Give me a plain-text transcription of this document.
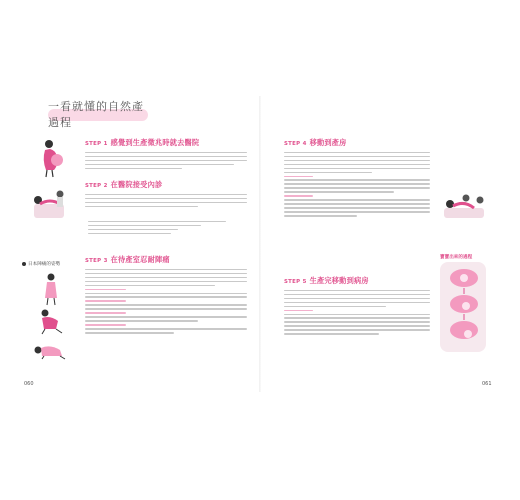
一看就懂的自然產過程
日本陣痛的姿勢
STEP 1 感覺到生產徵兆時就去醫院
STEP 2 在醫院接受內診
STEP 3 在待產室忍耐陣痛
060
STEP 4 移動到產房
STEP 5 生產完移動到病房
寶寶出來的過程
061
